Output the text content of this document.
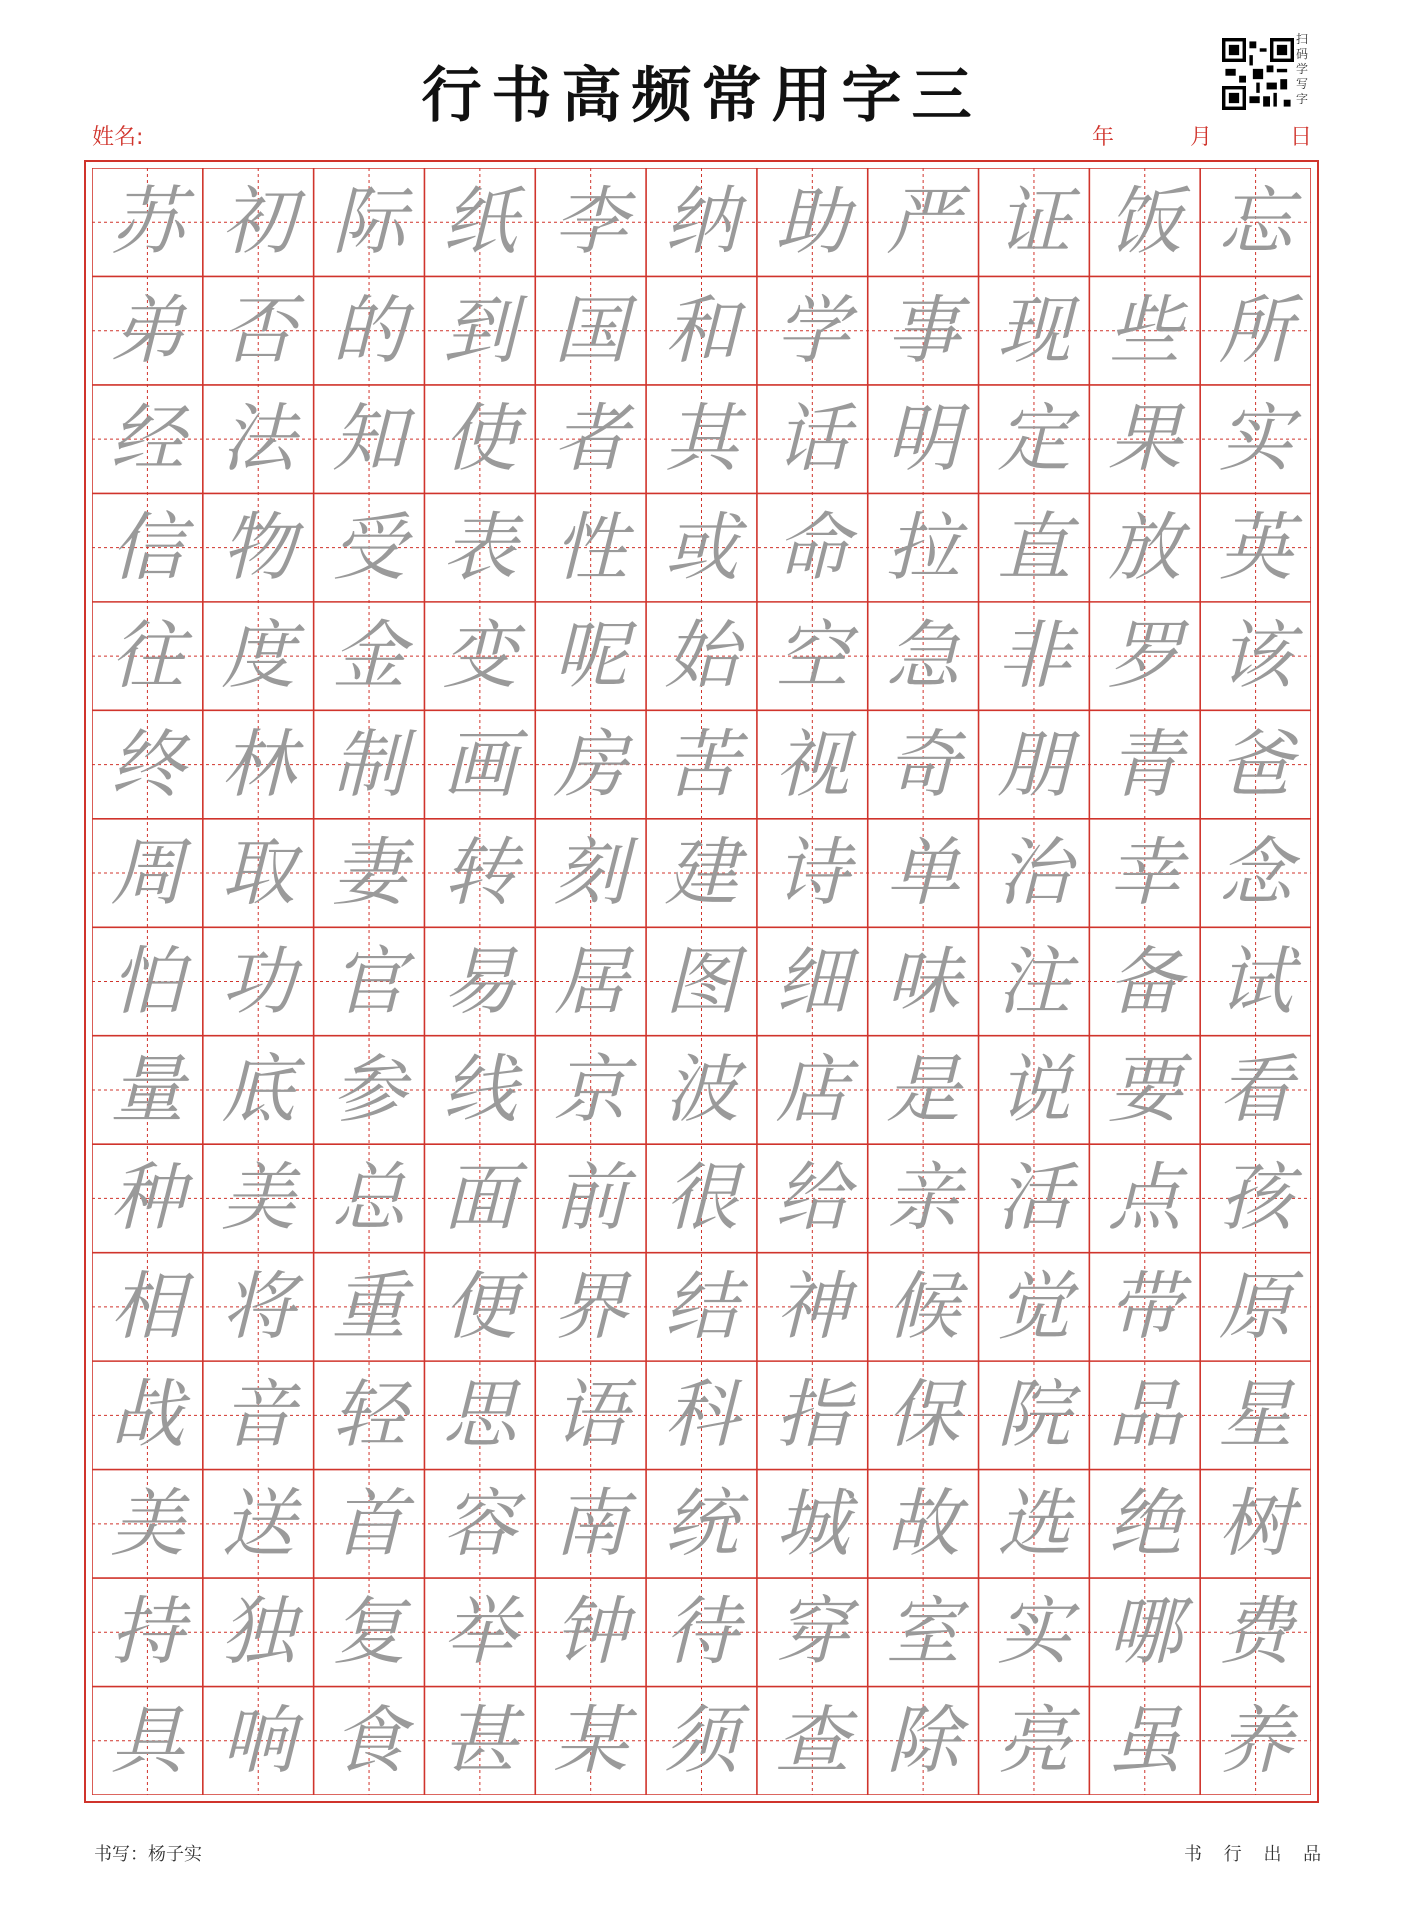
行书高频常用字三
扫码学写字
姓名:	年	月	日
苏
弟
经
信
往
终
周
怕
量
种
相
战
美
持
具
初
否
法
物
度
林
取
功
底
美
将
音
送
独
响
际
的
知
受
金
制
妻
官
参
总
重
轻
首
复
食
纸
到
使
表
变
画
转
易
线
面
便
思
容
举
甚
李
国
者
性
呢
房
刻
居
京
前
界
语
南
钟
某
纳
和
其
或
始
苦
建
图
波
很
结
科
统
待
须
助
学
话
命
空
视
诗
细
店
给
神
指
城
穿
查
严
事
明
拉
急
奇
单
味
是
亲
候
保
故
室
除
证
现
定
直
非
朋
治
注
说
活
觉
院
选
实
亮
饭
些
果
放
罗
青
幸
备
要
点
带
品
绝
哪
虽
忘
所
实
英
该
爸
念
试
看
孩
原
星
树
费
养
书写：杨子实	书 行 出 品
